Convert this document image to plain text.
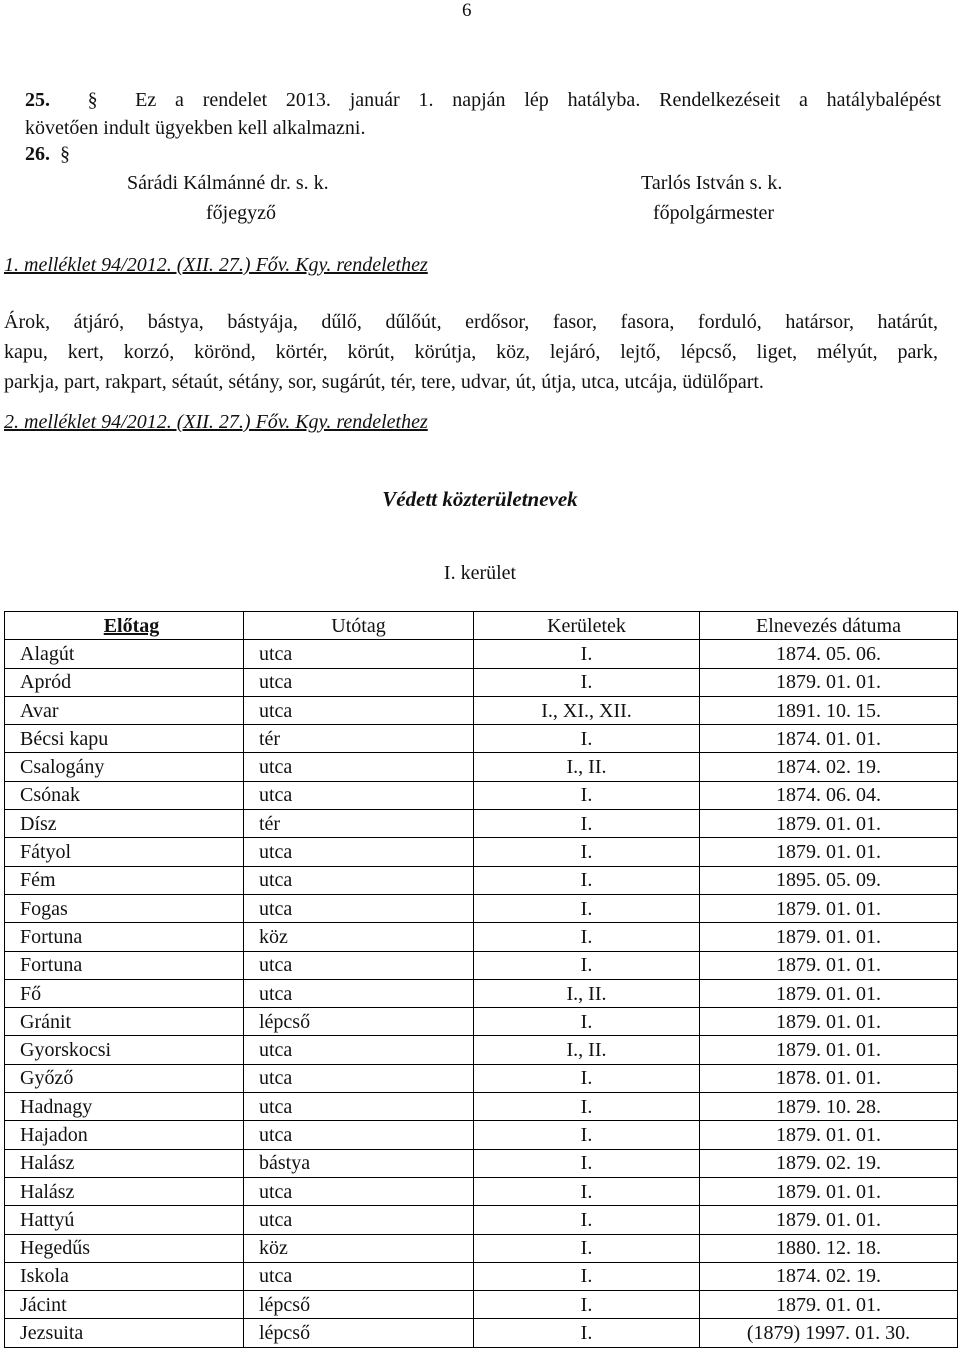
6
25.  §  Ez a rendelet 2013. január 1. napján lép hatályba. Rendelkezéseit a hatálybalépést
követően indult ügyekben kell alkalmazni.
26.  §
Sárádi Kálmánné dr. s. k.
főjegyző
Tarlós István s. k.
főpolgármester
1. melléklet 94/2012. (XII. 27.) Főv. Kgy. rendelethez
Árok, átjáró, bástya, bástyája, dűlő, dűlőút, erdősor, fasor, fasora, forduló, határsor, határút,
kapu, kert, korzó, körönd, körtér, körút, körútja, köz, lejáró, lejtő, lépcső, liget, mélyút, park,
parkja, part, rakpart, sétaút, sétány, sor, sugárút, tér, tere, udvar, út, útja, utca, utcája, üdülőpart.
2. melléklet 94/2012. (XII. 27.) Főv. Kgy. rendelethez
Védett közterületnevek
I. kerület
Előtag	Utótag	Kerületek	Elnevezés dátuma
Alagút	utca	I.	1874. 05. 06.
Apród	utca	I.	1879. 01. 01.
Avar	utca	I., XI., XII.	1891. 10. 15.
Bécsi kapu	tér	I.	1874. 01. 01.
Csalogány	utca	I., II.	1874. 02. 19.
Csónak	utca	I.	1874. 06. 04.
Dísz	tér	I.	1879. 01. 01.
Fátyol	utca	I.	1879. 01. 01.
Fém	utca	I.	1895. 05. 09.
Fogas	utca	I.	1879. 01. 01.
Fortuna	köz	I.	1879. 01. 01.
Fortuna	utca	I.	1879. 01. 01.
Fő	utca	I., II.	1879. 01. 01.
Gránit	lépcső	I.	1879. 01. 01.
Gyorskocsi	utca	I., II.	1879. 01. 01.
Győző	utca	I.	1878. 01. 01.
Hadnagy	utca	I.	1879. 10. 28.
Hajadon	utca	I.	1879. 01. 01.
Halász	bástya	I.	1879. 02. 19.
Halász	utca	I.	1879. 01. 01.
Hattyú	utca	I.	1879. 01. 01.
Hegedűs	köz	I.	1880. 12. 18.
Iskola	utca	I.	1874. 02. 19.
Jácint	lépcső	I.	1879. 01. 01.
Jezsuita	lépcső	I.	(1879) 1997. 01. 30.
